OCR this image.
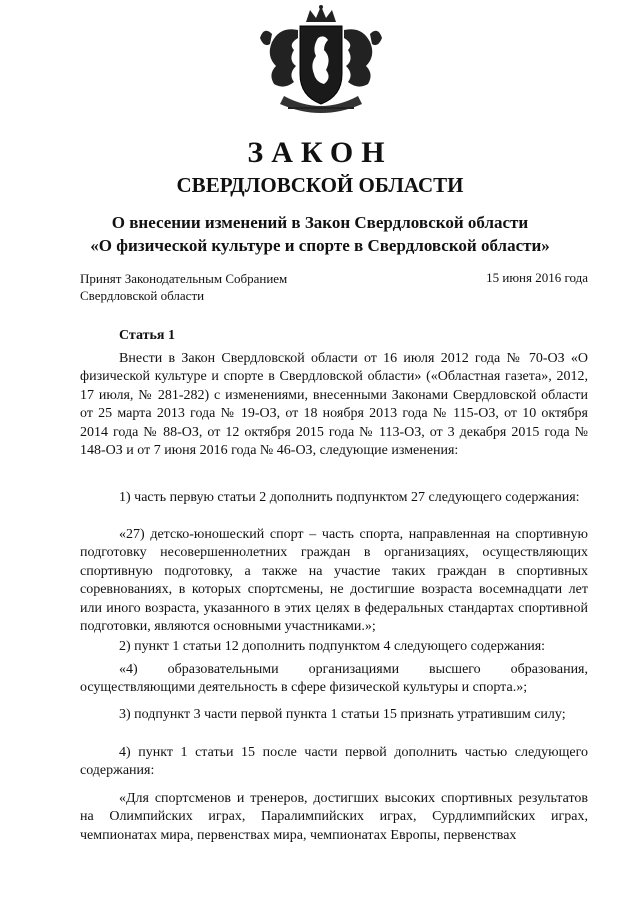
ЗАКОН
СВЕРДЛОВСКОЙ ОБЛАСТИ
О внесении изменений в Закон Свердловской области
«О физической культуре и спорте в Свердловской области»
Принят Законодательным Собранием
Свердловской области
15 июня 2016 года
Статья 1

Внести в Закон Свердловской области от 16 июля 2012 года № 70-ОЗ «О физической культуре и спорте в Свердловской области» («Областная газета», 2012, 17 июля, № 281-282) с изменениями, внесенными Законами Свердловской области от 25 марта 2013 года № 19-ОЗ, от 18 ноября 2013 года № 115-ОЗ, от 10 октября 2014 года № 88-ОЗ, от 12 октября 2015 года № 113-ОЗ, от 3 декабря 2015 года № 148-ОЗ и от 7 июня 2016 года № 46-ОЗ, следующие изменения:

1) часть первую статьи 2 дополнить подпунктом 27 следующего содержания:

«27) детско-юношеский спорт – часть спорта, направленная на спортивную подготовку несовершеннолетних граждан в организациях, осуществляющих спортивную подготовку, а также на участие таких граждан в спортивных соревнованиях, в которых спортсмены, не достигшие возраста восемнадцати лет или иного возраста, указанного в этих целях в федеральных стандартах спортивной подготовки, являются основными участниками.»;

2) пункт 1 статьи 12 дополнить подпунктом 4 следующего содержания:

«4) образовательными организациями высшего образования, осуществляющими деятельность в сфере физической культуры и спорта.»;

3) подпункт 3 части первой пункта 1 статьи 15 признать утратившим силу;

4) пункт 1 статьи 15 после части первой дополнить частью следующего содержания:

«Для спортсменов и тренеров, достигших высоких спортивных результатов на Олимпийских играх, Паралимпийских играх, Сурдлимпийских играх, чемпионатах мира, первенствах мира, чемпионатах Европы, первенствах
